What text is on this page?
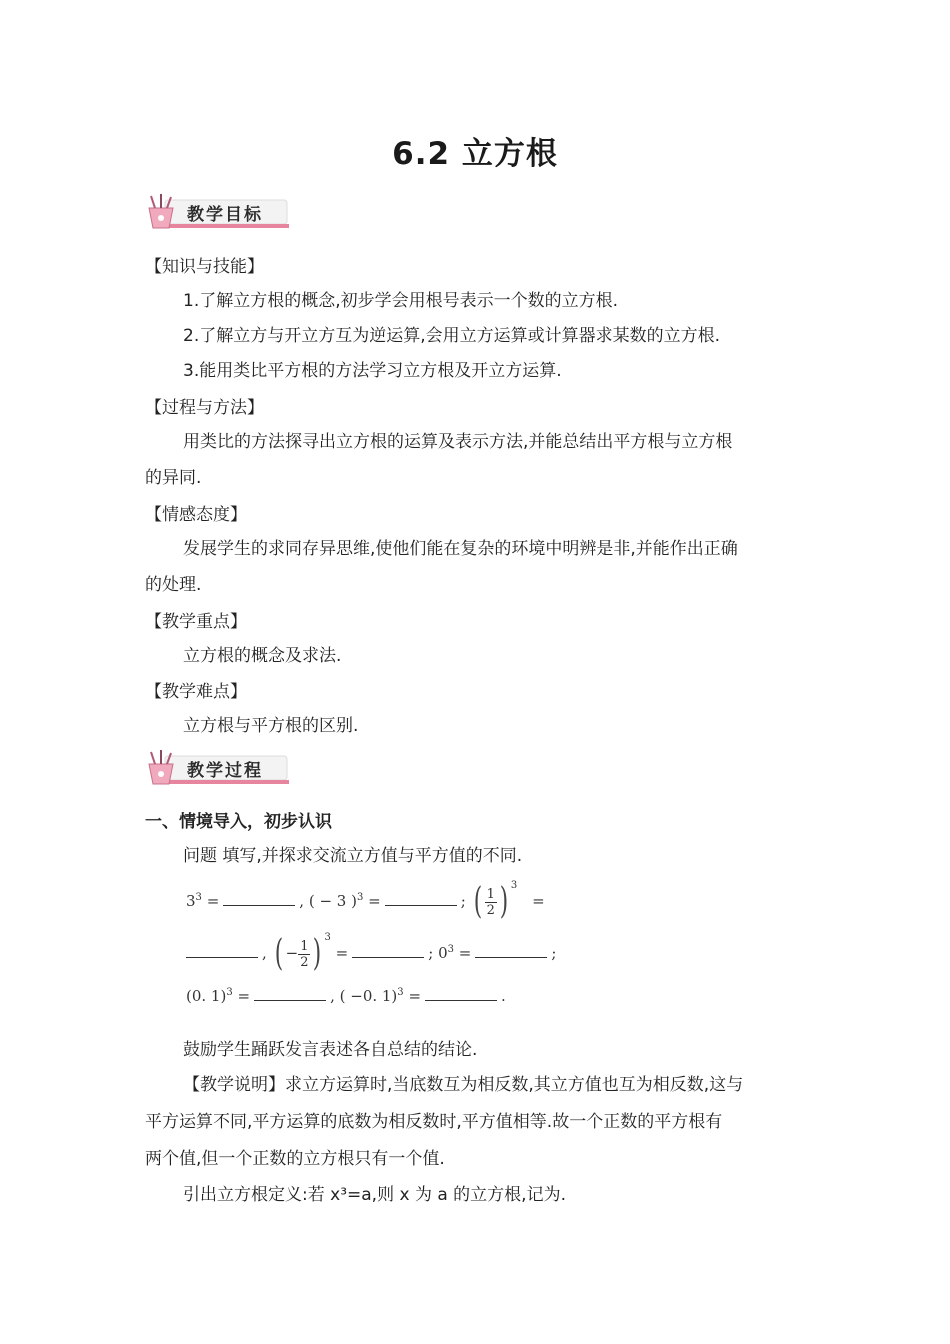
6.2 立方根
教学目标
【知识与技能】
1.了解立方根的概念,初步学会用根号表示一个数的立方根.
2.了解立方与开立方互为逆运算,会用立方运算或计算器求某数的立方根.
3.能用类比平方根的方法学习立方根及开立方运算.
【过程与方法】
用类比的方法探寻出立方根的运算及表示方法,并能总结出平方根与立方根
的异同.
【情感态度】
发展学生的求同存异思维,使他们能在复杂的环境中明辨是非,并能作出正确
的处理.
【教学重点】
立方根的概念及求法.
【教学难点】
立方根与平方根的区别.
教学过程
一、情境导入，初步认识
问题 填写,并探求交流立方值与平方值的不同.
$3^3$ =	, ( − 3 )$^3$ =	; ( $\frac{1}{2}$ ) $^3$ =
, ( − $\frac{1}{2}$ ) $^3$ =	; $0^3$ =	;
(0. 1)$^3$ =	, ( −0. 1)$^3$ =	.
鼓励学生踊跃发言表述各自总结的结论.
【教学说明】求立方运算时,当底数互为相反数,其立方值也互为相反数,这与
平方运算不同,平方运算的底数为相反数时,平方值相等.故一个正数的平方根有
两个值,但一个正数的立方根只有一个值.
引出立方根定义:若 x³=a,则 x 为 a 的立方根,记为.
